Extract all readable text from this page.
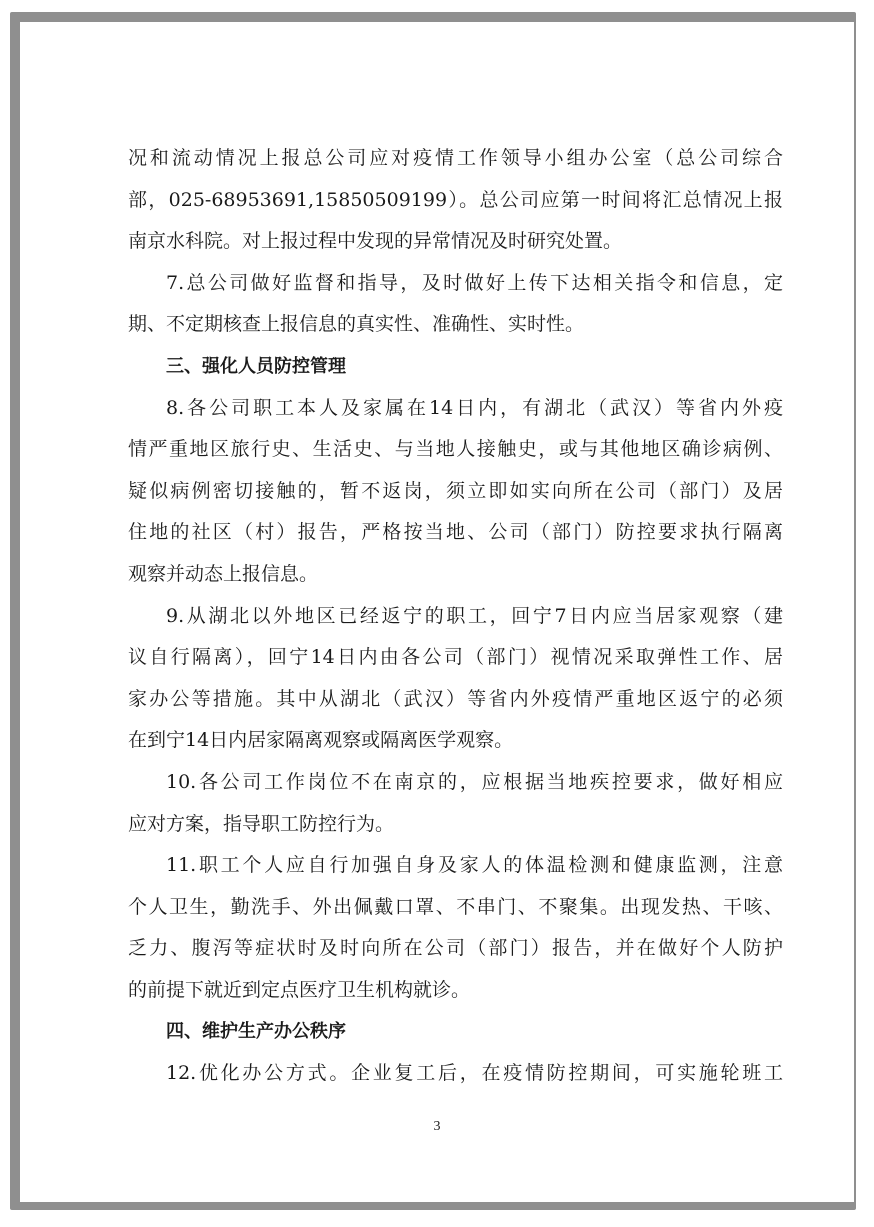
况和流动情况上报总公司应对疫情工作领导小组办公室（总公司综合
部，025-68953691,15850509199）。总公司应第一时间将汇总情况上报
南京水科院。对上报过程中发现的异常情况及时研究处置。
7.总公司做好监督和指导，及时做好上传下达相关指令和信息，定
期、不定期核查上报信息的真实性、准确性、实时性。
三、强化人员防控管理
8.各公司职工本人及家属在14日内，有湖北（武汉）等省内外疫
情严重地区旅行史、生活史、与当地人接触史，或与其他地区确诊病例、
疑似病例密切接触的，暂不返岗，须立即如实向所在公司（部门）及居
住地的社区（村）报告，严格按当地、公司（部门）防控要求执行隔离
观察并动态上报信息。
9.从湖北以外地区已经返宁的职工，回宁7日内应当居家观察（建
议自行隔离），回宁14日内由各公司（部门）视情况采取弹性工作、居
家办公等措施。其中从湖北（武汉）等省内外疫情严重地区返宁的必须
在到宁14日内居家隔离观察或隔离医学观察。
10.各公司工作岗位不在南京的，应根据当地疾控要求，做好相应
应对方案，指导职工防控行为。
11.职工个人应自行加强自身及家人的体温检测和健康监测，注意
个人卫生，勤洗手、外出佩戴口罩、不串门、不聚集。出现发热、干咳、
乏力、腹泻等症状时及时向所在公司（部门）报告，并在做好个人防护
的前提下就近到定点医疗卫生机构就诊。
四、维护生产办公秩序
12.优化办公方式。企业复工后，在疫情防控期间，可实施轮班工
3
